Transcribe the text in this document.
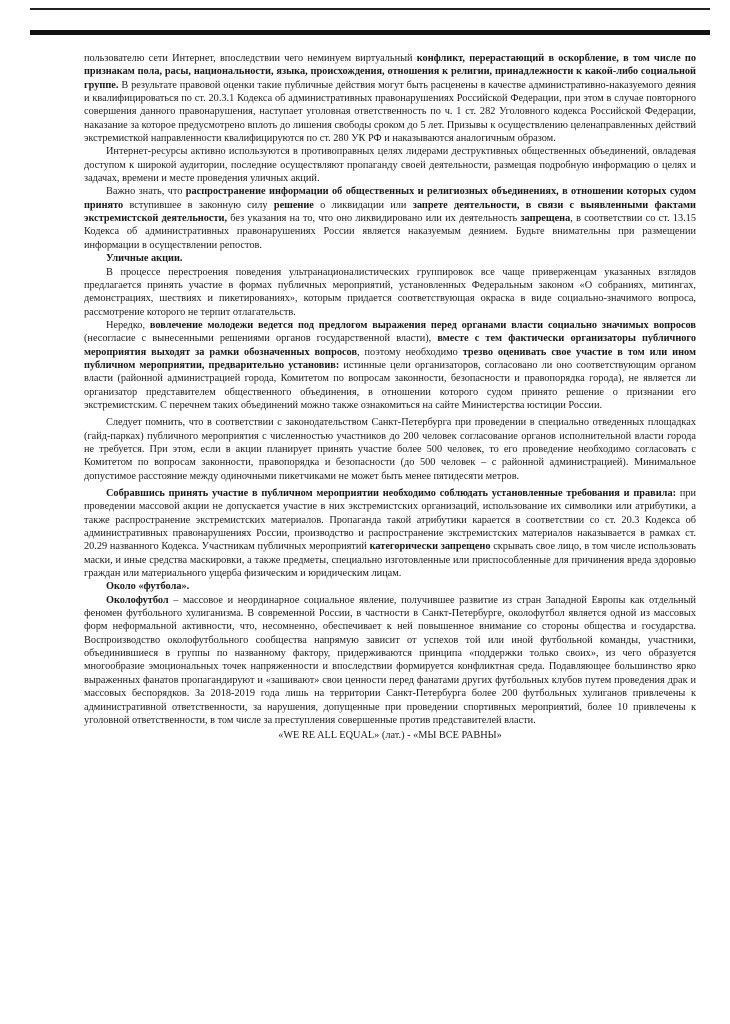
пользователю сети Интернет, впоследствии чего неминуем виртуальный конфликт, перерастающий в оскорбление, в том числе по признакам пола, расы, национальности, языка, происхождения, отношения к религии, принадлежности к какой-либо социальной группе. В результате правовой оценки такие публичные действия могут быть расценены в качестве административно-наказуемого деяния и квалифицироваться по ст. 20.3.1 Кодекса об административных правонарушениях Российской Федерации, при этом в случае повторного совершения данного правонарушения, наступает уголовная ответственность по ч. 1 ст. 282 Уголовного кодекса Российской Федерации, наказание за которое предусмотрено вплоть до лишения свободы сроком до 5 лет. Призывы к осуществлению целенаправленных действий экстремисткой направленности квалифицируются по ст. 280 УК РФ и наказываются аналогичным образом.

Интернет-ресурсы активно используются в противоправных целях лидерами деструктивных общественных объединений, овладевая доступом к широкой аудитории, последние осуществляют пропаганду своей деятельности, размещая подробную информацию о целях и задачах, времени и месте проведения уличных акций.

Важно знать, что распространение информации об общественных и религиозных объединениях, в отношении которых судом принято вступившее в законную силу решение о ликвидации или запрете деятельности, в связи с выявленными фактами экстремистской деятельности, без указания на то, что оно ликвидировано или их деятельность запрещена, в соответствии со ст. 13.15 Кодекса об административных правонарушениях России является наказуемым деянием. Будьте внимательны при размещении информации в осуществлении репостов.

Уличные акции.

В процессе перестроения поведения ультранационалистических группировок все чаще приверженцам указанных взглядов предлагается принять участие в формах публичных мероприятий, установленных Федеральным законом «О собраниях, митингах, демонстрациях, шествиях и пикетированиях», которым придается соответствующая окраска в виде социально-значимого вопроса, рассмотрение которого не терпит отлагательств.

Нередко, вовлечение молодежи ведется под предлогом выражения перед органами власти социально значимых вопросов (несогласие с вынесенными решениями органов государственной власти), вместе с тем фактически организаторы публичного мероприятия выходят за рамки обозначенных вопросов, поэтому необходимо трезво оценивать свое участие в том или ином публичном мероприятии, предварительно установив: истинные цели организаторов, согласовано ли оно соответствующим органом власти (районной администрацией города, Комитетом по вопросам законности, безопасности и правопорядка города), не является ли организатор представителем общественного объединения, в отношении которого судом принято решение о признании его экстремистским. С перечнем таких объединений можно также ознакомиться на сайте Министерства юстиции России.

Следует помнить, что в соответствии с законодательством Санкт-Петербурга при проведении в специально отведенных площадках (гайд-парках) публичного мероприятия с численностью участников до 200 человек согласование органов исполнительной власти города не требуется. При этом, если в акции планирует принять участие более 500 человек, то его проведение необходимо согласовать с Комитетом по вопросам законности, правопорядка и безопасности (до 500 человек – с районной администрацией). Минимальное допустимое расстояние между одиночными пикетчиками не может быть менее пятидесяти метров.

Собравшись принять участие в публичном мероприятии необходимо соблюдать установленные требования и правила: при проведении массовой акции не допускается участие в них экстремистских организаций, использование их символики или атрибутики, а также распространение экстремистских материалов. Пропаганда такой атрибутики карается в соответствии со ст. 20.3 Кодекса об административных правонарушениях России, производство и распространение экстремистских материалов наказывается в рамках ст. 20.29 названного Кодекса. Участникам публичных мероприятий категорически запрещено скрывать свое лицо, в том числе использовать маски, и иные средства маскировки, а также предметы, специально изготовленные или приспособленные для причинения вреда здоровью граждан или материального ущерба физическим и юридическим лицам.

Около «футбола».

Околофутбол – массовое и неординарное социальное явление, получившее развитие из стран Западной Европы как отдельный феномен футбольного хулиганизма. В современной России, в частности в Санкт-Петербурге, околофутбол является одной из массовых форм неформальной активности, что, несомненно, обеспечивает к ней повышенное внимание со стороны общества и государства. Воспроизводство околофутбольного сообщества напрямую зависит от успехов той или иной футбольной команды, участники, объединившиеся в группы по названному фактору, придерживаются принципа «поддержки только своих», из чего образуется многообразие эмоциональных точек напряженности и впоследствии формируется конфликтная среда. Подавляющее большинство ярко выраженных фанатов пропагандируют и «зашивают» свои ценности перед фанатами других футбольных клубов путем проведения драк и массовых беспорядков. За 2018-2019 года лишь на территории Санкт-Петербурга более 200 футбольных хулиганов привлечены к административной ответственности, за нарушения, допущенные при проведении спортивных мероприятий, более 10 привлечены к уголовной ответственности, в том числе за преступления совершенные против представителей власти.

«WE RE ALL EQUAL» (лат.) - «МЫ ВСЕ РАВНЫ»
